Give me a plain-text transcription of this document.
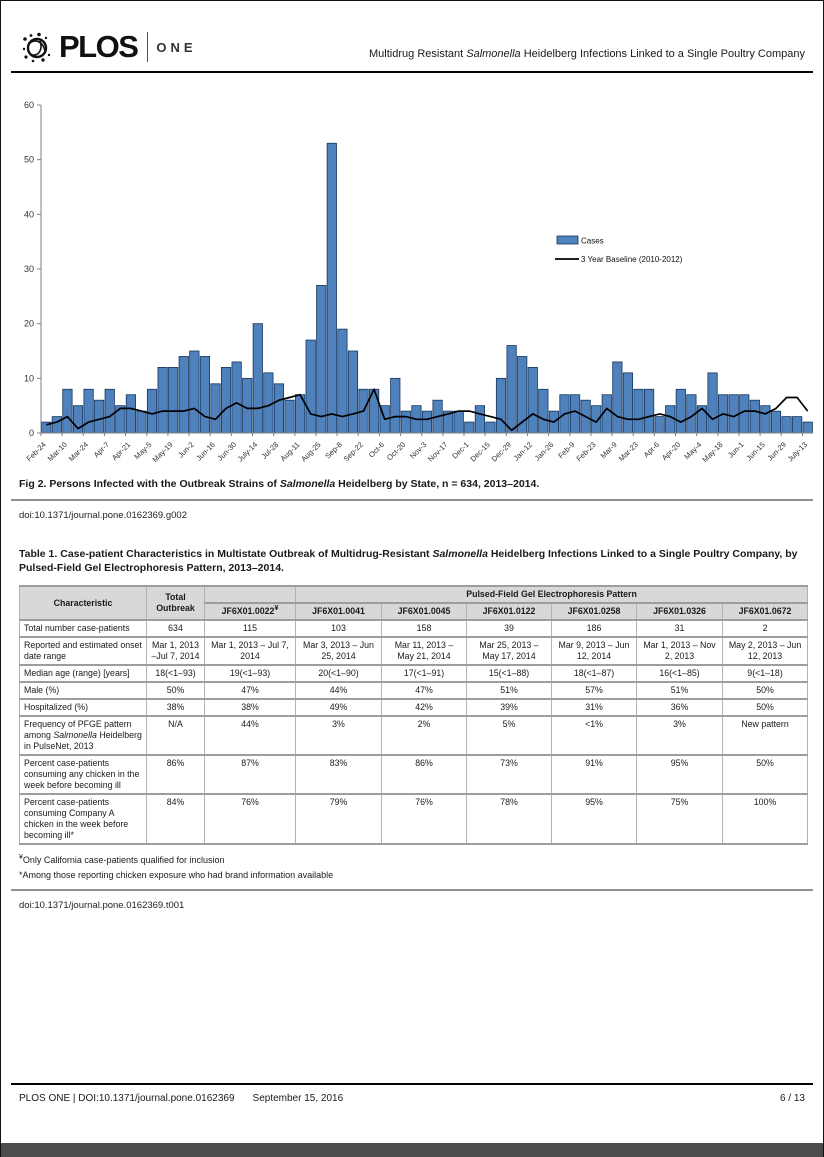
PLOS ONE	Multidrug Resistant Salmonella Heidelberg Infections Linked to a Single Poultry Company
0
10
20
30
40
50
60
Feb-24
Mar-10
Mar-24 Apr-7
Apr-21 May-5
May-19 Jun-2
Jun-16
Jun-30
July-14 Jul-28
Aug-11
Aug-25 Sep-8
Sep-22 Oct-6
Oct-20 Nov-3
Nov-17 Dec-1
Dec-15
Dec-29
Jan-12
Jan-26 Feb-9
Feb-23 Mar-9
Mar-23 Apr-6
Apr-20 May-4
May-18 Jun-1
Jun-15
Jun-29
July-13
Cases
3 Year Baseline (2010-2012)
Fig 2. Persons Infected with the Outbreak Strains of Salmonella Heidelberg by State, n = 634, 2013–2014.
doi:10.1371/journal.pone.0162369.g002
Table 1. Case-patient Characteristics in Multistate Outbreak of Multidrug-Resistant Salmonella Heidelberg Infections Linked to a Single Poultry Company, by Pulsed-Field Gel Electrophoresis Pattern, 2013–2014.
Characteristic	Total Outbreak		Pulsed-Field Gel Electrophoresis Pattern					
		JF6X01.0022¥	JF6X01.0041	JF6X01.0045	JF6X01.0122	JF6X01.0258	JF6X01.0326	JF6X01.0672
Total number case-patients	634	115	103	158	39	186	31	2
Reported and estimated onset date range	Mar 1, 2013 –Jul 7, 2014	Mar 1, 2013 – Jul 7, 2014	Mar 3, 2013 – Jun 25, 2014	Mar 11, 2013 – May 21, 2014	Mar 25, 2013 – May 17, 2014	Mar 9, 2013 – Jun 12, 2014	Mar 1, 2013 – Nov 2, 2013	May 2, 2013 – Jun 12, 2013
Median age (range) [years]	18(<1–93)	19(<1–93)	20(<1–90)	17(<1–91)	15(<1–88)	18(<1–87)	16(<1–85)	9(<1–18)
Male (%)	50%	47%	44%	47%	51%	57%	51%	50%
Hospitalized (%)	38%	38%	49%	42%	39%	31%	36%	50%
Frequency of PFGE pattern among Salmonella Heidelberg in PulseNet, 2013	N/A	44%	3%	2%	5%	<1%	3%	New pattern
Percent case-patients consuming any chicken in the week before becoming ill	86%	87%	83%	86%	73%	91%	95%	50%
Percent case-patients consuming Company A chicken in the week before becoming ill*	84%	76%	79%	76%	78%	95%	75%	100%

¥Only California case-patients qualified for inclusion

*Among those reporting chicken exposure who had brand information available

doi:10.1371/journal.pone.0162369.t001
PLOS ONE | DOI:10.1371/journal.pone.0162369 September 15, 2016	6 / 13
